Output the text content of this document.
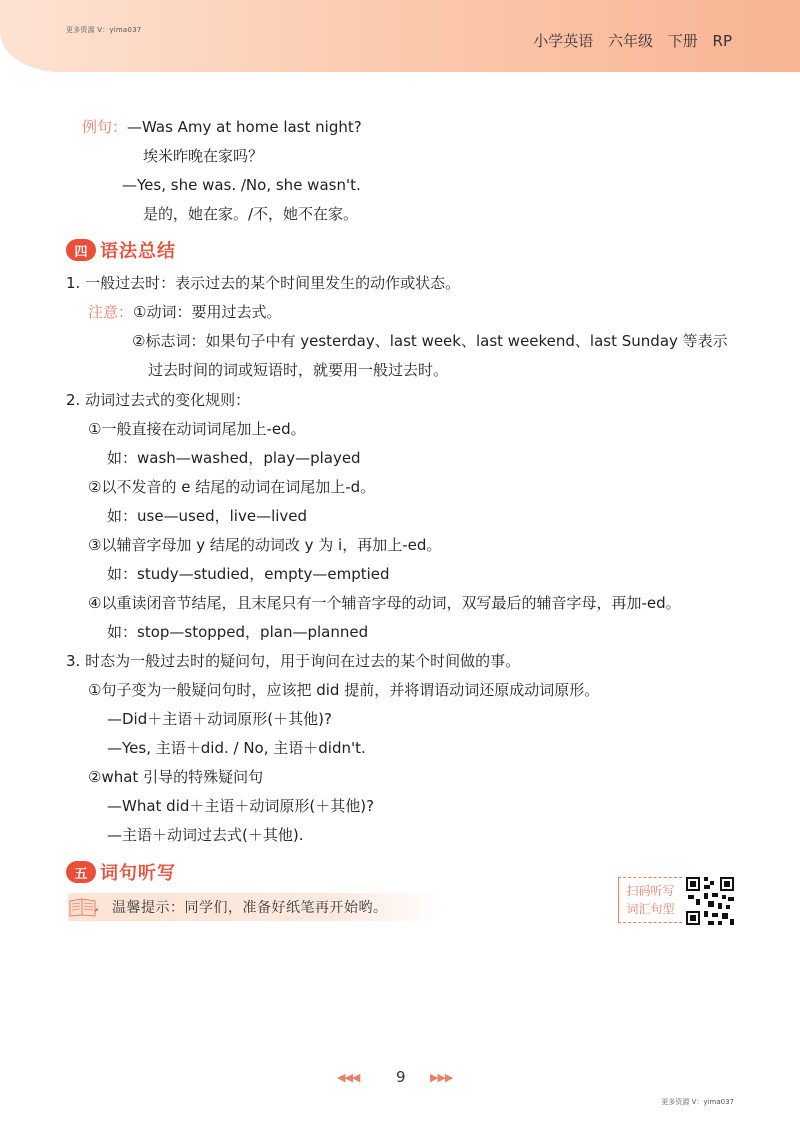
更多资源 V：yima037
小学英语 六年级 下册 RP
例句：—Was Amy at home last night?
埃米昨晚在家吗？
—Yes, she was. /No, she wasn't.
是的，她在家。/不，她不在家。
四 语法总结
1. 一般过去时：表示过去的某个时间里发生的动作或状态。
注意：①动词：要用过去式。
②标志词：如果句子中有 yesterday、last week、last weekend、last Sunday 等表示
过去时间的词或短语时，就要用一般过去时。
2. 动词过去式的变化规则：
①一般直接在动词词尾加上-ed。
如：wash—washed，play—played
②以不发音的 e 结尾的动词在词尾加上-d。
如：use—used，live—lived
③以辅音字母加 y 结尾的动词改 y 为 i，再加上-ed。
如：study—studied，empty—emptied
④以重读闭音节结尾，且末尾只有一个辅音字母的动词，双写最后的辅音字母，再加-ed。
如：stop—stopped，plan—planned
3. 时态为一般过去时的疑问句，用于询问在过去的某个时间做的事。
①句子变为一般疑问句时，应该把 did 提前，并将谓语动词还原成动词原形。
—Did＋主语＋动词原形(＋其他)?
—Yes, 主语＋did. / No, 主语＋didn't.
②what 引导的特殊疑问句
—What did＋主语＋动词原形(＋其他)?
—主语＋动词过去式(＋其他).
五 词句听写
温馨提示：同学们，准备好纸笔再开始哟。
扫码听写
词汇句型
◀◀◀ 9 ▶▶▶
更多资源 V：yima037
